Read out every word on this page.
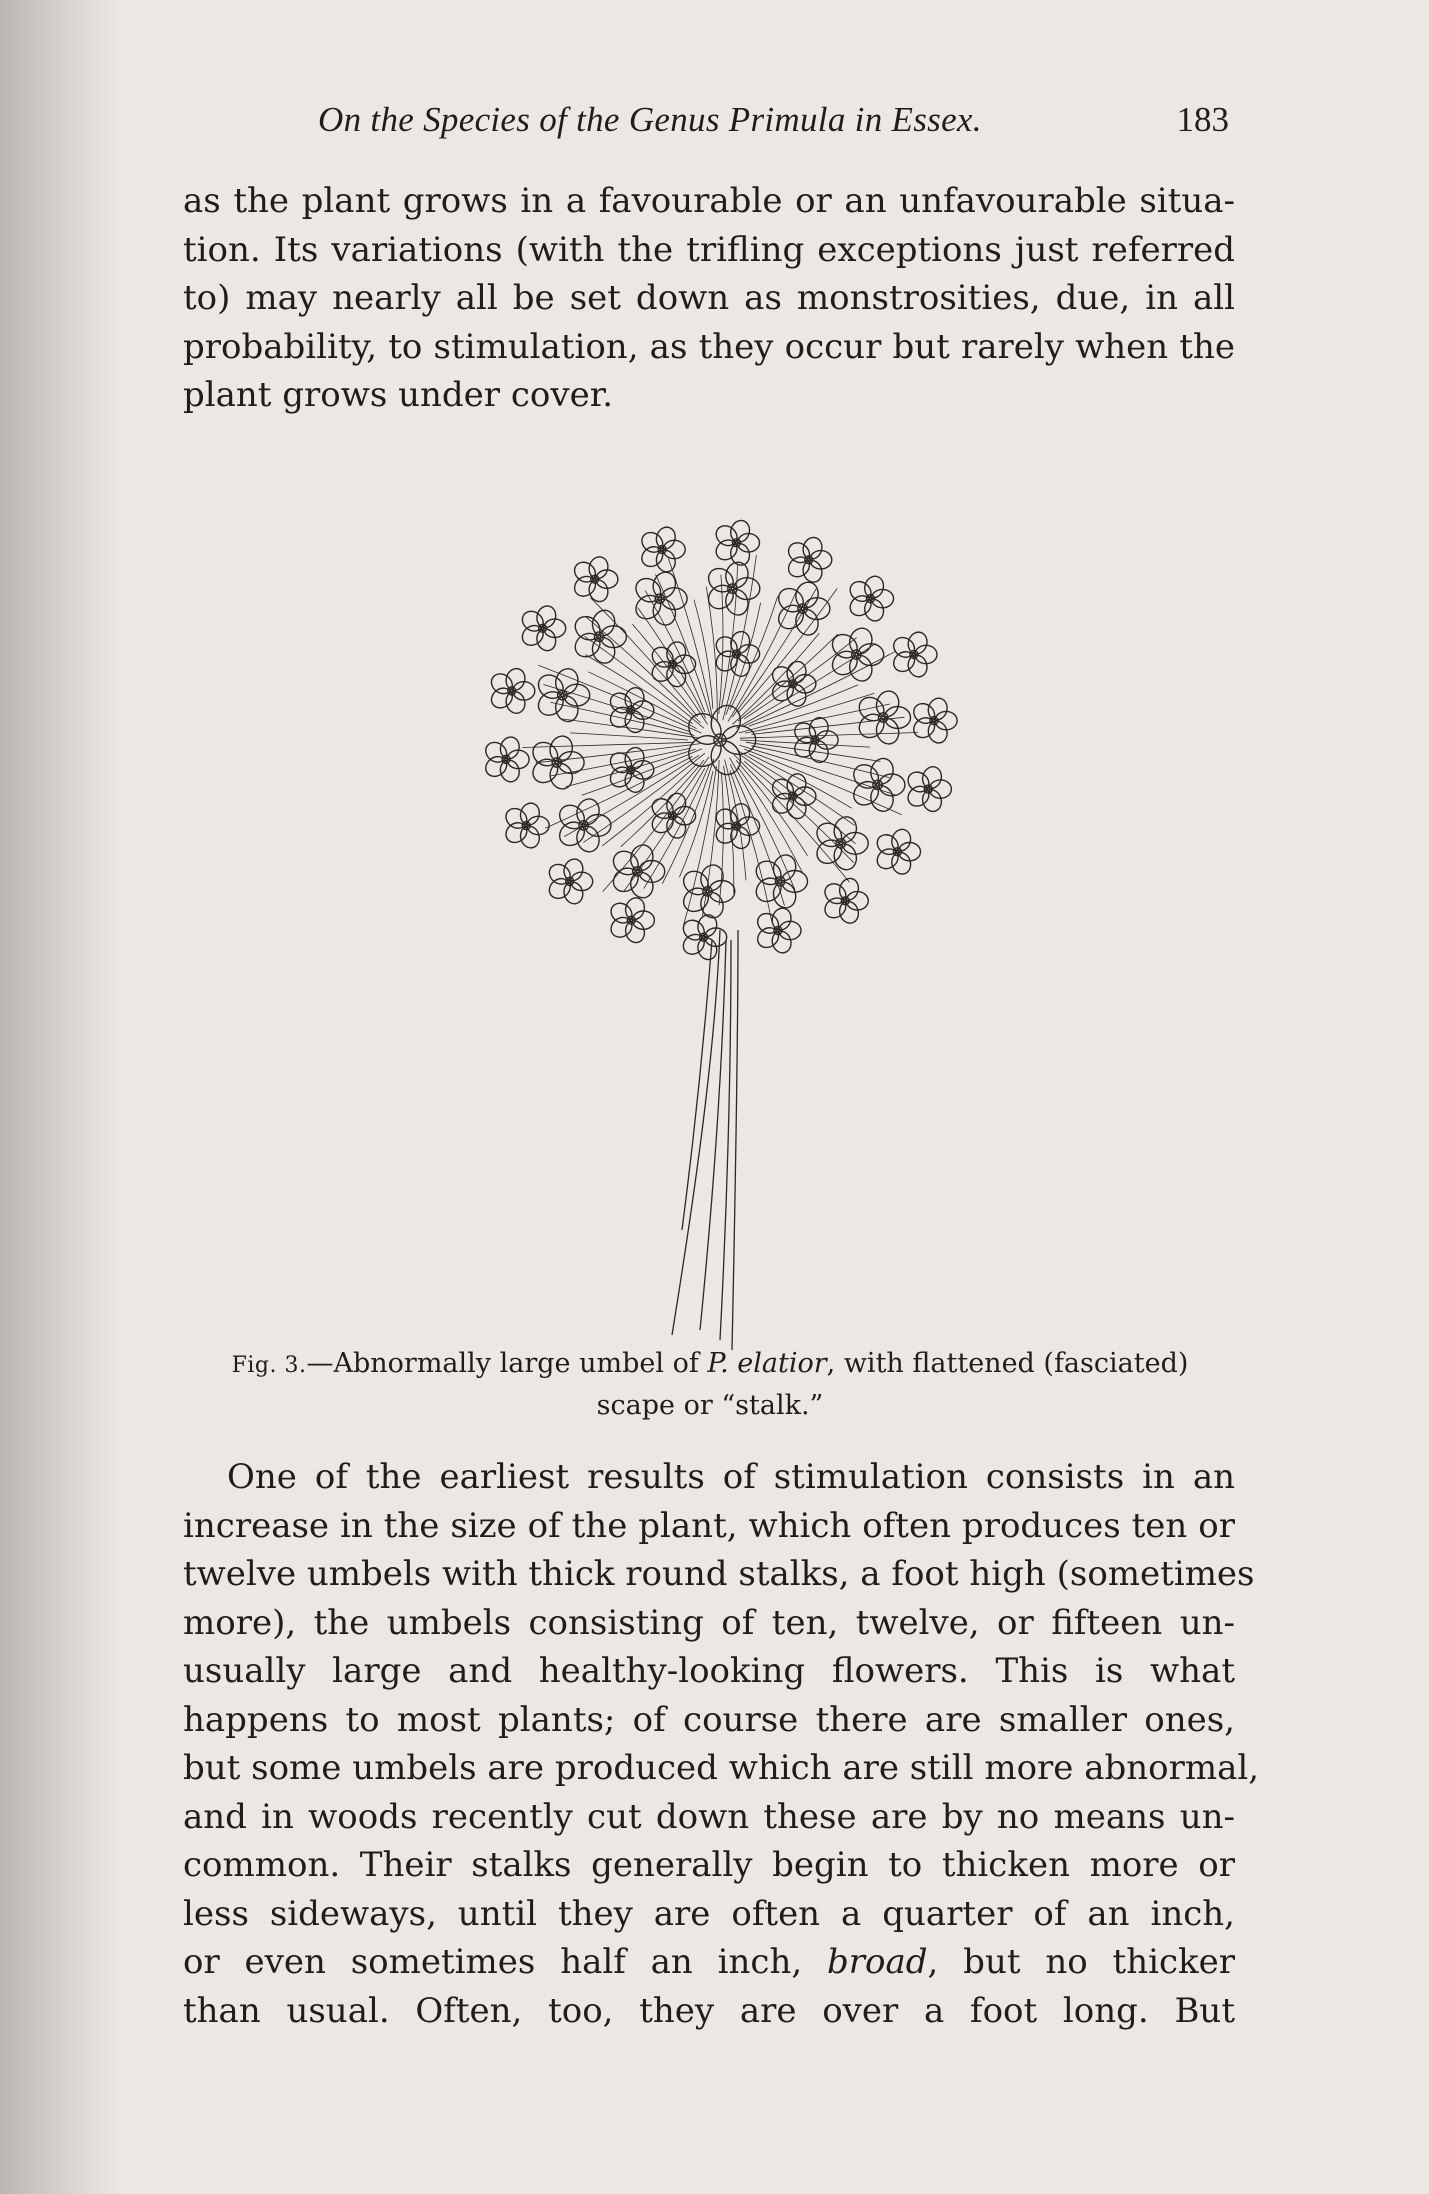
On the Species of the Genus Primula in Essex.	183

as the plant grows in a favourable or an unfavourable situa-
tion. Its variations (with the trifling exceptions just referred
to) may nearly all be set down as monstrosities, due, in all
probability, to stimulation, as they occur but rarely when the
plant grows under cover.

Fig. 3.—Abnormally large umbel of P. elatior, with flattened (fasciated)
scape or “stalk.”

One of the earliest results of stimulation consists in an
increase in the size of the plant, which often produces ten or
twelve umbels with thick round stalks, a foot high (sometimes
more), the umbels consisting of ten, twelve, or fifteen un-
usually large and healthy-looking flowers. This is what
happens to most plants; of course there are smaller ones,
but some umbels are produced which are still more abnormal,
and in woods recently cut down these are by no means un-
common. Their stalks generally begin to thicken more or
less sideways, until they are often a quarter of an inch,
or even sometimes half an inch, broad, but no thicker
than usual. Often, too, they are over a foot long. But
